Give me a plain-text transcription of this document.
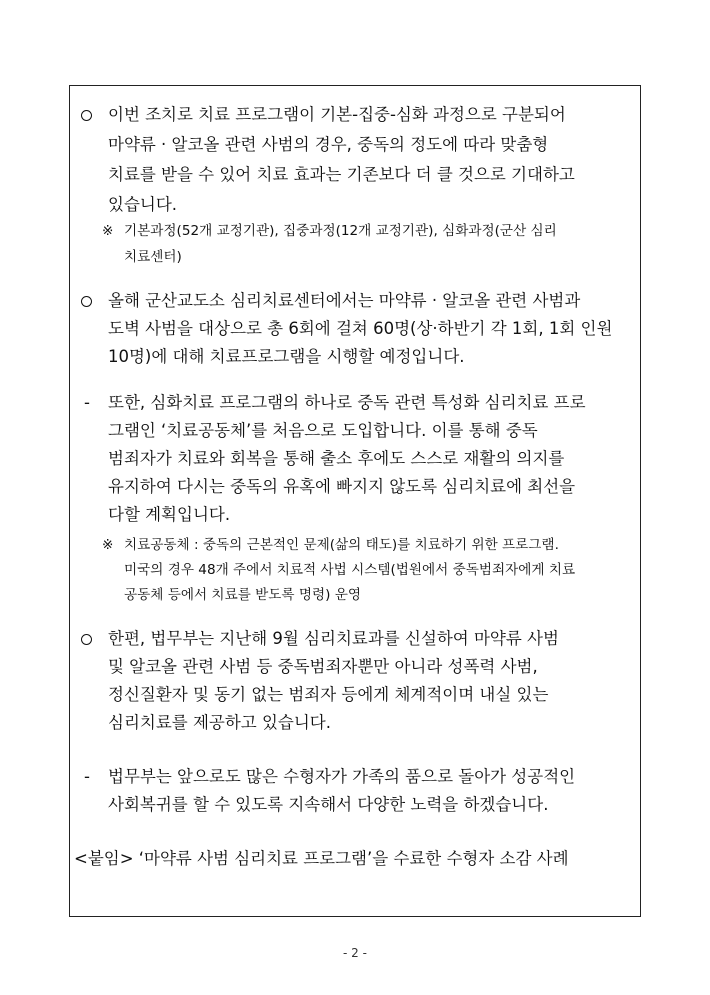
이번 조치로 치료 프로그램이 기본-집중-심화 과정으로 구분되어
마약류 · 알코올 관련 사범의 경우, 중독의 정도에 따라 맞춤형
치료를 받을 수 있어 치료 효과는 기존보다 더 클 것으로 기대하고
있습니다.
※ 기본과정(52개 교정기관), 집중과정(12개 교정기관), 심화과정(군산 심리
치료센터)
올해 군산교도소 심리치료센터에서는 마약류 · 알코올 관련 사범과
도벽 사범을 대상으로 총 6회에 걸쳐 60명(상·하반기 각 1회, 1회 인원
10명)에 대해 치료프로그램을 시행할 예정입니다.
- 또한, 심화치료 프로그램의 하나로 중독 관련 특성화 심리치료 프로
그램인 ‘치료공동체’를 처음으로 도입합니다. 이를 통해 중독
범죄자가 치료와 회복을 통해 출소 후에도 스스로 재활의 의지를
유지하여 다시는 중독의 유혹에 빠지지 않도록 심리치료에 최선을
다할 계획입니다.
※ 치료공동체 : 중독의 근본적인 문제(삶의 태도)를 치료하기 위한 프로그램.
미국의 경우 48개 주에서 치료적 사법 시스템(법원에서 중독범죄자에게 치료
공동체 등에서 치료를 받도록 명령) 운영
한편, 법무부는 지난해 9월 심리치료과를 신설하여 마약류 사범
및 알코올 관련 사범 등 중독범죄자뿐만 아니라 성폭력 사범,
정신질환자 및 동기 없는 범죄자 등에게 체계적이며 내실 있는
심리치료를 제공하고 있습니다.
- 법무부는 앞으로도 많은 수형자가 가족의 품으로 돌아가 성공적인
사회복귀를 할 수 있도록 지속해서 다양한 노력을 하겠습니다.
<붙임> ‘마약류 사범 심리치료 프로그램’을 수료한 수형자 소감 사례
- 2 -
